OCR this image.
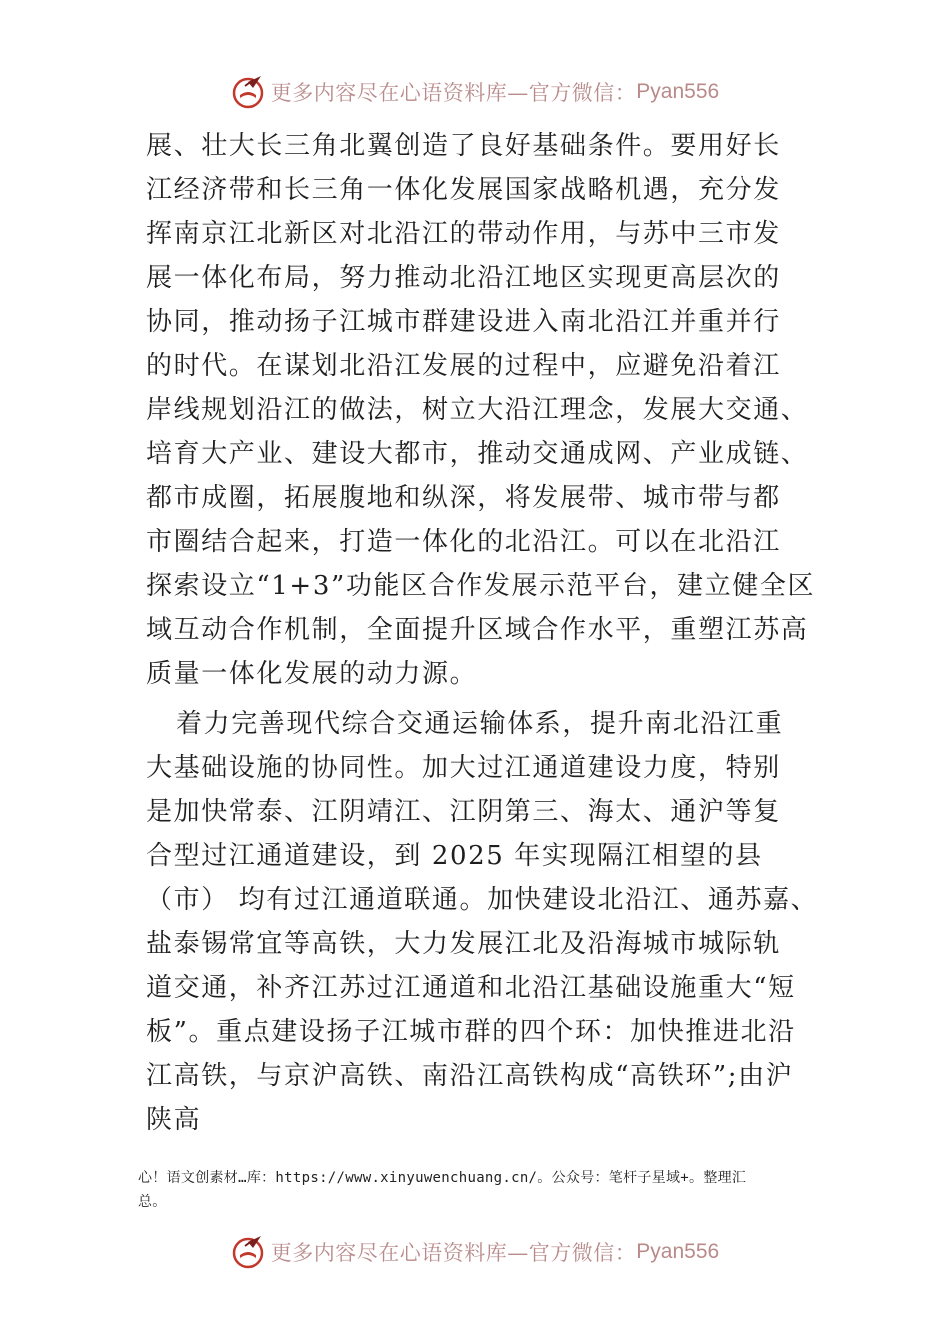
更多内容尽在心语资料库—官方微信： Pyan556
展、壮大长三角北翼创造了良好基础条件。要用好长
江经济带和长三角一体化发展国家战略机遇，充分发
挥南京江北新区对北沿江的带动作用，与苏中三市发
展一体化布局，努力推动北沿江地区实现更高层次的
协同，推动扬子江城市群建设进入南北沿江并重并行
的时代。在谋划北沿江发展的过程中，应避免沿着江
岸线规划沿江的做法，树立大沿江理念，发展大交通、
培育大产业、建设大都市，推动交通成网、产业成链、
都市成圈，拓展腹地和纵深，将发展带、城市带与都
市圈结合起来，打造一体化的北沿江。可以在北沿江
探索设立“1+3”功能区合作发展示范平台，建立健全区
域互动合作机制，全面提升区域合作水平，重塑江苏高
质量一体化发展的动力源。
着力完善现代综合交通运输体系，提升南北沿江重
大基础设施的协同性。加大过江通道建设力度，特别
是加快常泰、江阴靖江、江阴第三、海太、通沪等复
合型过江通道建设，到 2025 年实现隔江相望的县
（市） 均有过江通道联通。加快建设北沿江、通苏嘉、
盐泰锡常宜等高铁，大力发展江北及沿海城市城际轨
道交通，补齐江苏过江通道和北沿江基础设施重大“短
板”。重点建设扬子江城市群的四个环：加快推进北沿
江高铁，与京沪高铁、南沿江高铁构成“高铁环”;由沪
陕高
心！语文创素材…库：https://www.xinyuwenchuang.cn/。公众号：笔杆子星域+。整理汇
总。
更多内容尽在心语资料库—官方微信： Pyan556
